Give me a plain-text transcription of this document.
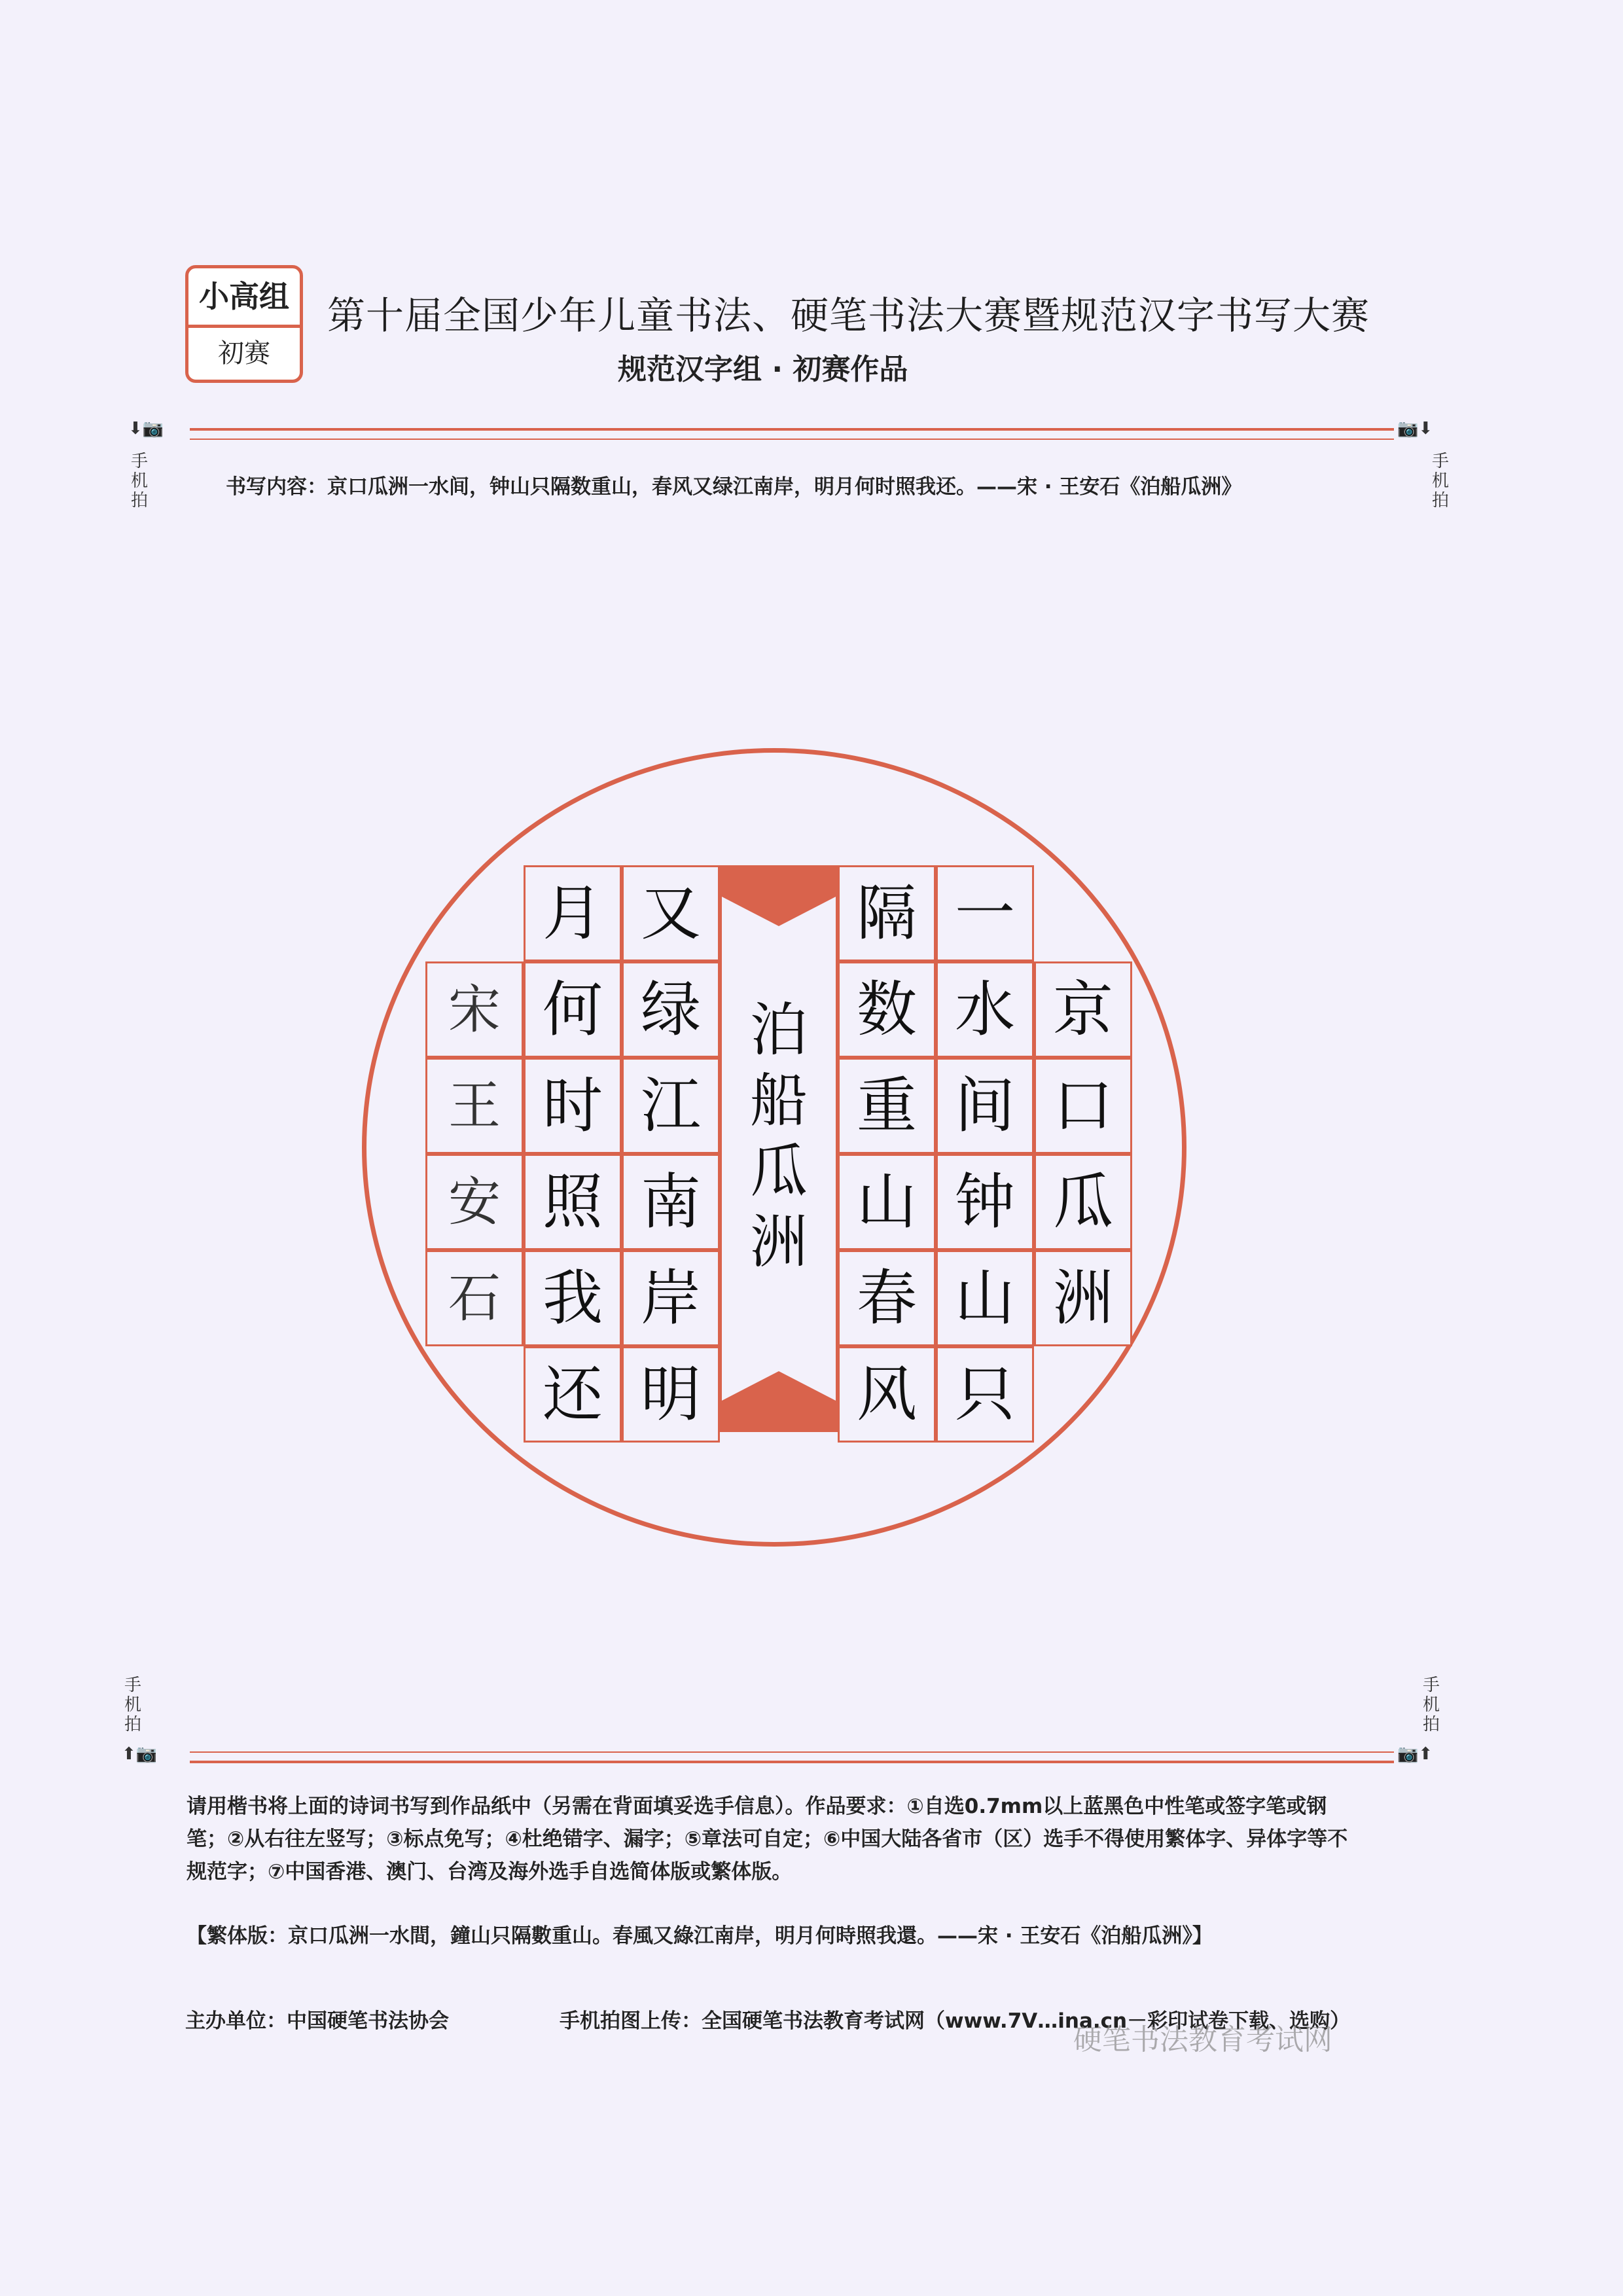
小高组
初赛
第十届全国少年儿童书法、硬笔书法大赛暨规范汉字书写大赛
规范汉字组 · 初赛作品
⬇📷	📷⬇
手机拍
手机拍
书写内容：京口瓜洲一水间，钟山只隔数重山，春风又绿江南岸，明月何时照我还。——宋 · 王安石《泊船瓜洲》
泊
船
瓜
洲
京
口
瓜
洲
一
水
间
钟
山
只
隔
数
重
山
春
风
又
绿
江
南
岸
明
月
何
时
照
我
还
宋
王
安
石
手机拍
手机拍
⬆📷	📷⬆
请用楷书将上面的诗词书写到作品纸中（另需在背面填妥选手信息）。作品要求：①自选0.7mm以上蓝黑色中性笔或签字笔或钢笔；②从右往左竖写；③标点免写；④杜绝错字、漏字；⑤章法可自定；⑥中国大陆各省市（区）选手不得使用繁体字、异体字等不规范字；⑦中国香港、澳门、台湾及海外选手自选简体版或繁体版。
【繁体版：京口瓜洲一水間，鐘山只隔數重山。春風又綠江南岸，明月何時照我還。——宋 · 王安石《泊船瓜洲》】
主办单位：中国硬笔书法协会	手机拍图上传：全国硬笔书法教育考试网（www.7V…ina.cn－彩印试卷下载、选购）
硬笔书法教育考试网
